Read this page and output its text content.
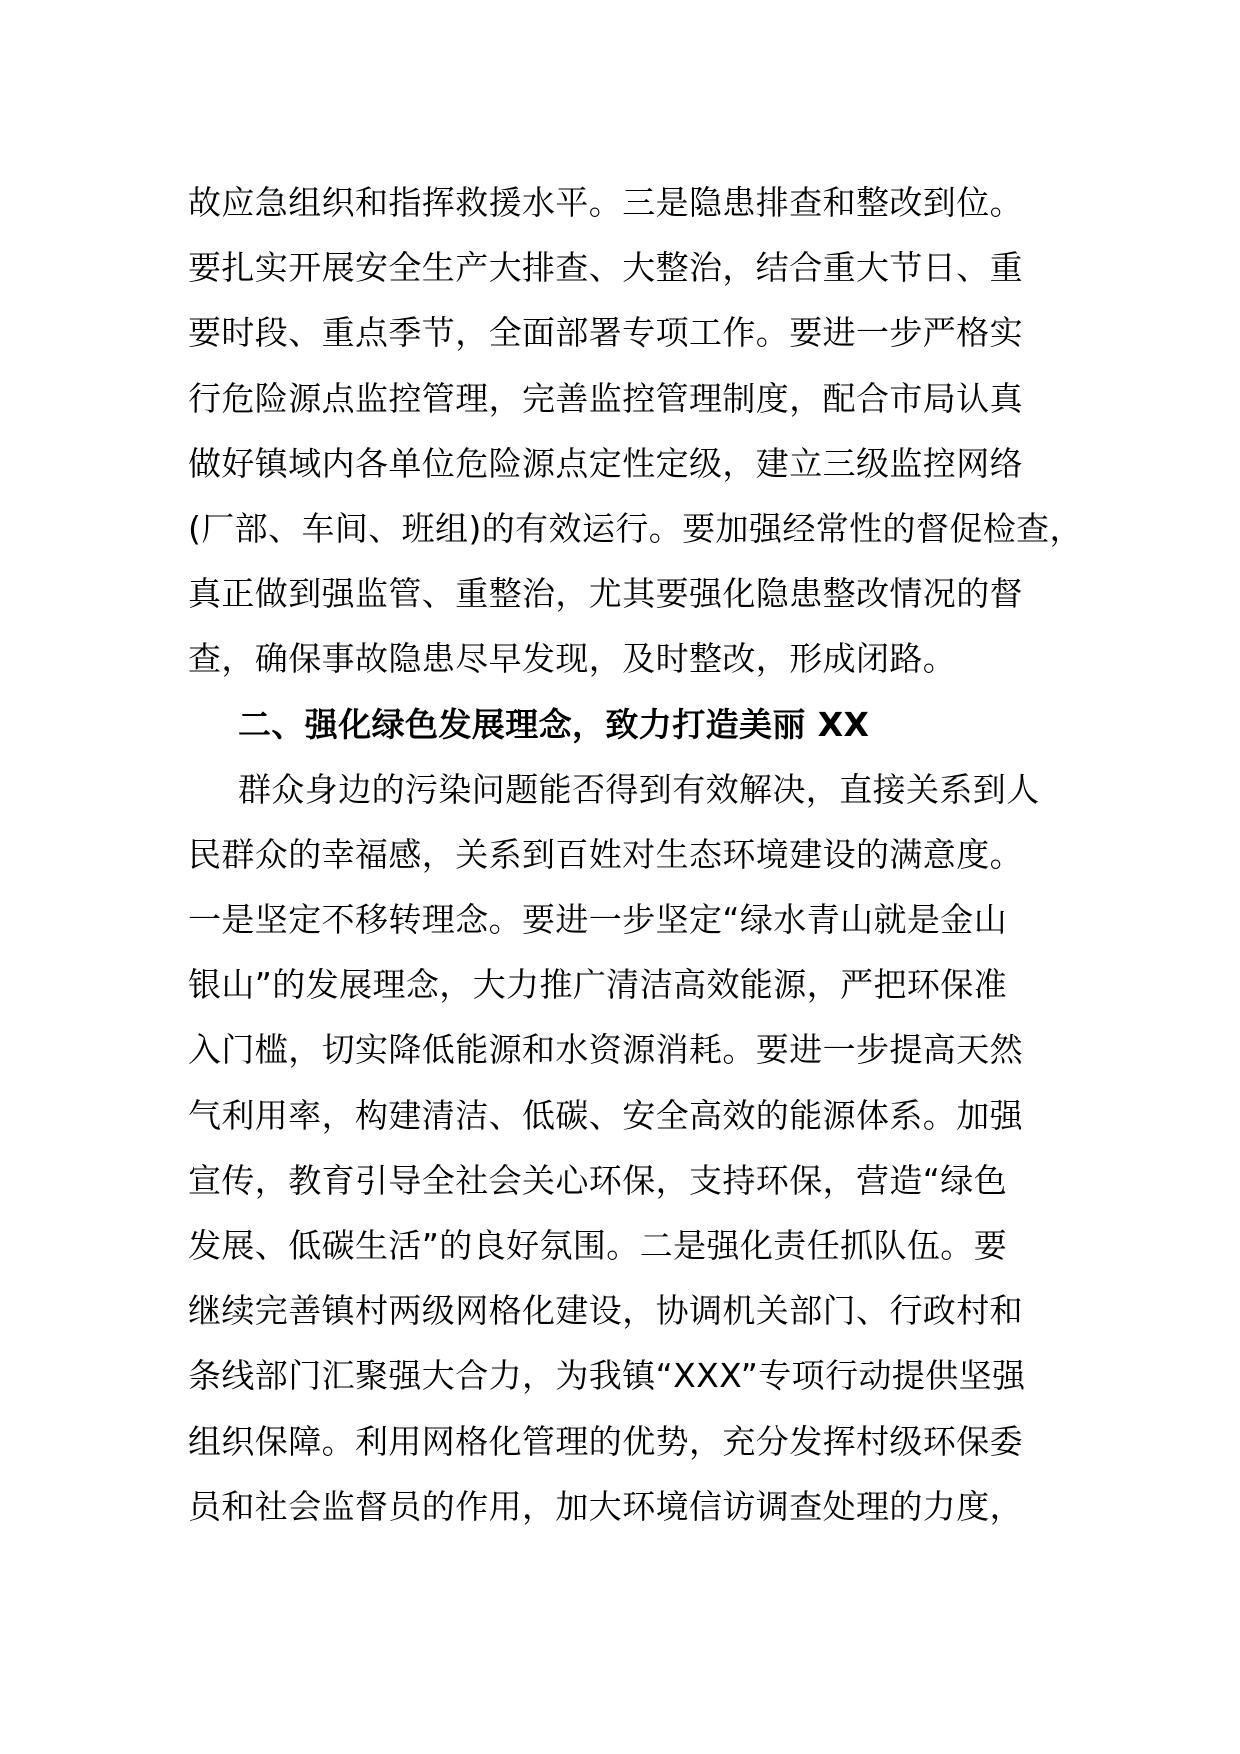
故应急组织和指挥救援水平。三是隐患排查和整改到位。
要扎实开展安全生产大排查、大整治，结合重大节日、重
要时段、重点季节，全面部署专项工作。要进一步严格实
行危险源点监控管理，完善监控管理制度，配合市局认真
做好镇域内各单位危险源点定性定级，建立三级监控网络
(厂部、车间、班组)的有效运行。要加强经常性的督促检查，
真正做到强监管、重整治，尤其要强化隐患整改情况的督
查，确保事故隐患尽早发现，及时整改，形成闭路。
二、强化绿色发展理念，致力打造美丽 XX
群众身边的污染问题能否得到有效解决，直接关系到人
民群众的幸福感，关系到百姓对生态环境建设的满意度。
一是坚定不移转理念。要进一步坚定“绿水青山就是金山
银山”的发展理念，大力推广清洁高效能源，严把环保准
入门槛，切实降低能源和水资源消耗。要进一步提高天然
气利用率，构建清洁、低碳、安全高效的能源体系。加强
宣传，教育引导全社会关心环保，支持环保，营造“绿色
发展、低碳生活”的良好氛围。二是强化责任抓队伍。要
继续完善镇村两级网格化建设，协调机关部门、行政村和
条线部门汇聚强大合力，为我镇“XXX”专项行动提供坚强
组织保障。利用网格化管理的优势，充分发挥村级环保委
员和社会监督员的作用，加大环境信访调查处理的力度，
